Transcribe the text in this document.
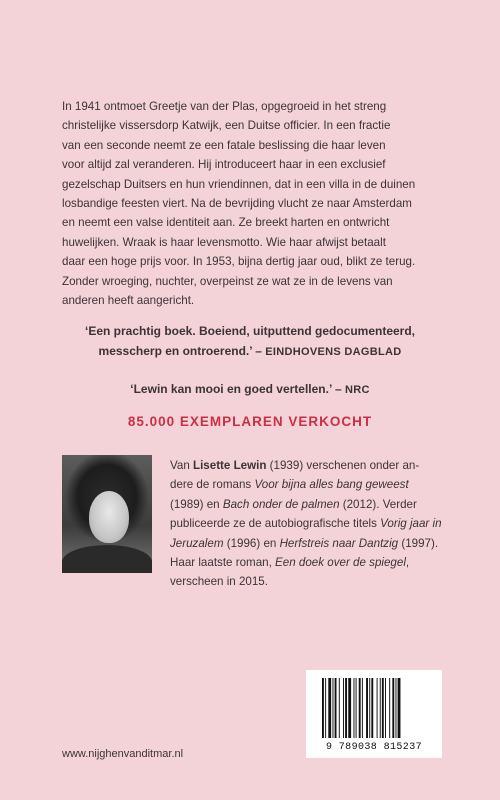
In 1941 ontmoet Greetje van der Plas, opgegroeid in het streng
christelijke vissersdorp Katwijk, een Duitse officier. In een fractie
van een seconde neemt ze een fatale beslissing die haar leven
voor altijd zal veranderen. Hij introduceert haar in een exclusief
gezelschap Duitsers en hun vriendinnen, dat in een villa in de duinen
losbandige feesten viert. Na de bevrijding vlucht ze naar Amsterdam
en neemt een valse identiteit aan. Ze breekt harten en ontwricht
huwelijken. Wraak is haar levensmotto. Wie haar afwijst betaalt
daar een hoge prijs voor. In 1953, bijna dertig jaar oud, blikt ze terug.
Zonder wroeging, nuchter, overpeinst ze wat ze in de levens van
anderen heeft aangericht.
‘Een prachtig boek. Boeiend, uitputtend gedocumenteerd,
messcherp en ontroerend.’ – EINDHOVENS DAGBLAD
‘Lewin kan mooi en goed vertellen.’ – NRC
85.000 EXEMPLAREN VERKOCHT
Van Lisette Lewin (1939) verschenen onder an-dere de romans Voor bijna alles bang geweest (1989) en Bach onder de palmen (2012). Verder publiceerde ze de autobiografische titels Vorig jaar in Jeruzalem (1996) en Herfstreis naar Dantzig (1997). Haar laatste roman, Een doek over de spiegel, verscheen in 2015.
9 789038 815237
www.nijghenvanditmar.nl
